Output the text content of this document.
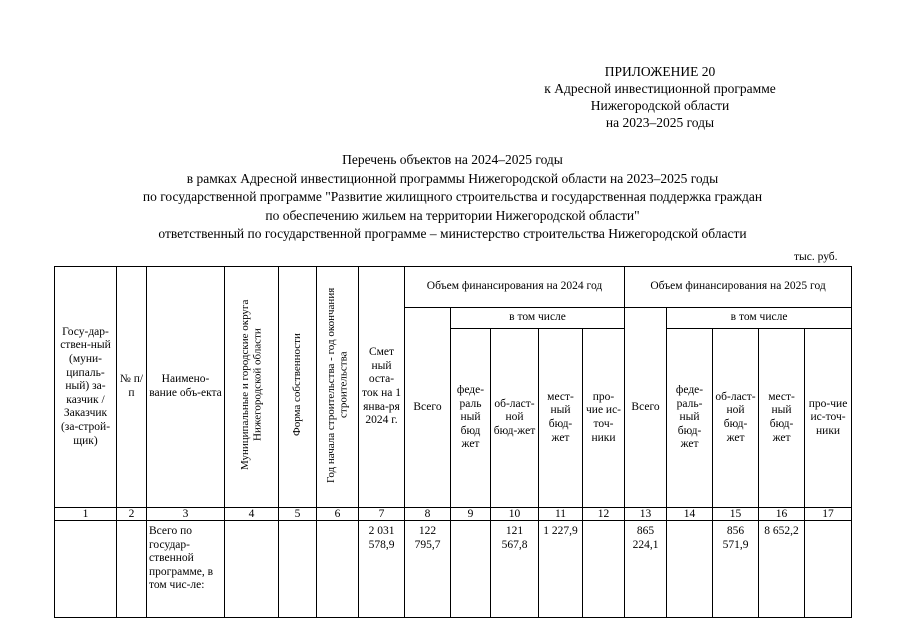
ПРИЛОЖЕНИЕ 20
к Адресной инвестиционной программе
Нижегородской области
на 2023–2025 годы
Перечень объектов на 2024–2025 годы
в рамках Адресной инвестиционной программы Нижегородской области на 2023–2025 годы
по государственной программе "Развитие жилищного строительства и государственная поддержка граждан
по обеспечению жильем на территории Нижегородской области"
ответственный по государственной программе – министерство строительства Нижегородской области
тыс. руб.
Госу-дар-ствен-ный (муни-ципаль-ный) за-казчик / Заказчик (за-строй-щик)	№ п/п	Наимено-вание объ-екта	Муниципальные и городские округа Нижегородской области	Форма собственности	Год начала строительства - год окончания строительства	Смет ный оста-ток на 1 янва-ря 2024 г.	Объем финансирования на 2024 год					Объем финансирования на 2025 год				
							Всего	в том числе				Всего	в том числе			
								феде-раль ный бюд жет	об-ласт-ной бюд-жет	мест-ный бюд-жет	про-чие ис-точ-ники		феде-раль-ный бюд-жет	об-ласт-ной бюд-жет	мест-ный бюд-жет	про-чие ис-точ-ники
1	2	3	4	5	6	7	8	9	10	11	12	13	14	15	16	17
		Всего по государ-ственной программе, в том чис-ле:				2 031 578,9	122 795,7		121 567,8	1 227,9		865 224,1		856 571,9	8 652,2	
